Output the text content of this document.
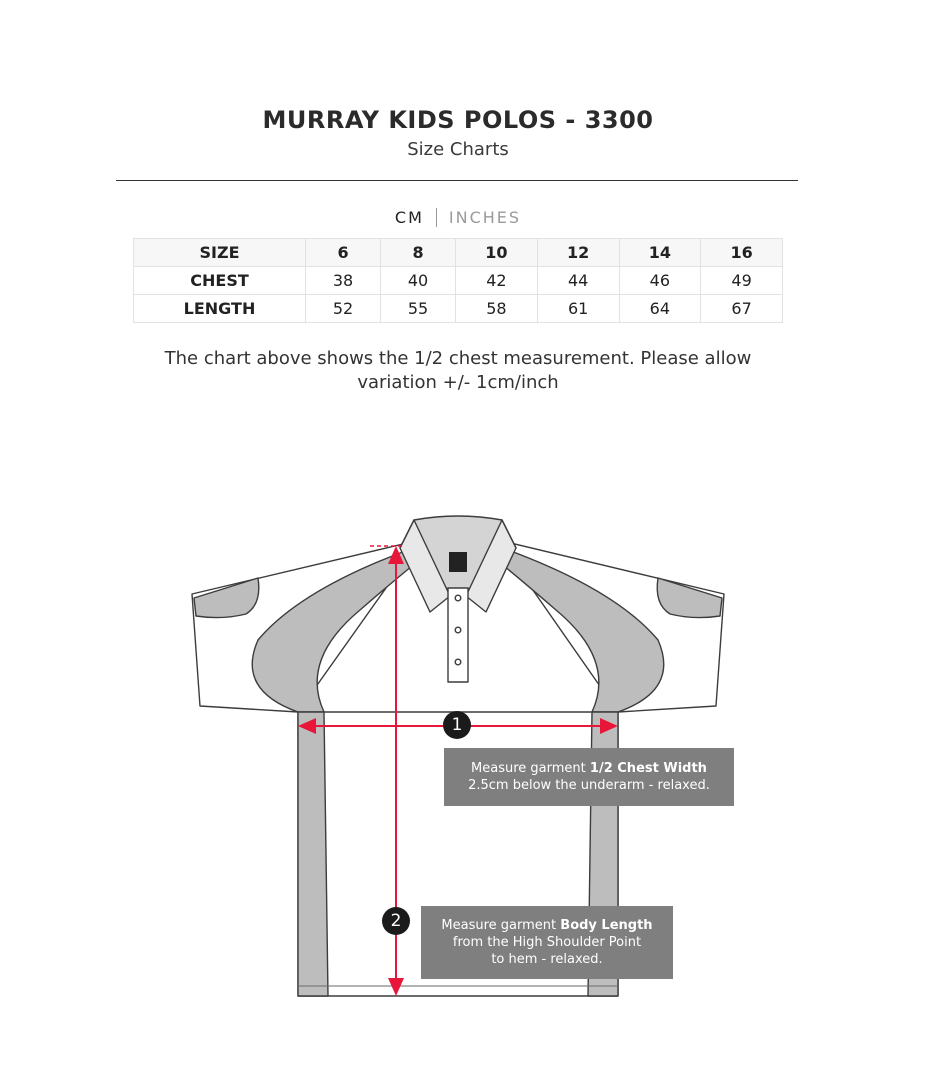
MURRAY KIDS POLOS - 3300
Size Charts
CM INCHES
SIZE	6	8	10	12	14	16
CHEST	38	40	42	44	46	49
LENGTH	52	55	58	61	64	67
The chart above shows the 1/2 chest measurement. Please allow variation +/- 1cm/inch
1
2
Measure garment 1/2 Chest Width
2.5cm below the underarm - relaxed.
Measure garment Body Length
from the High Shoulder Point
to hem - relaxed.
